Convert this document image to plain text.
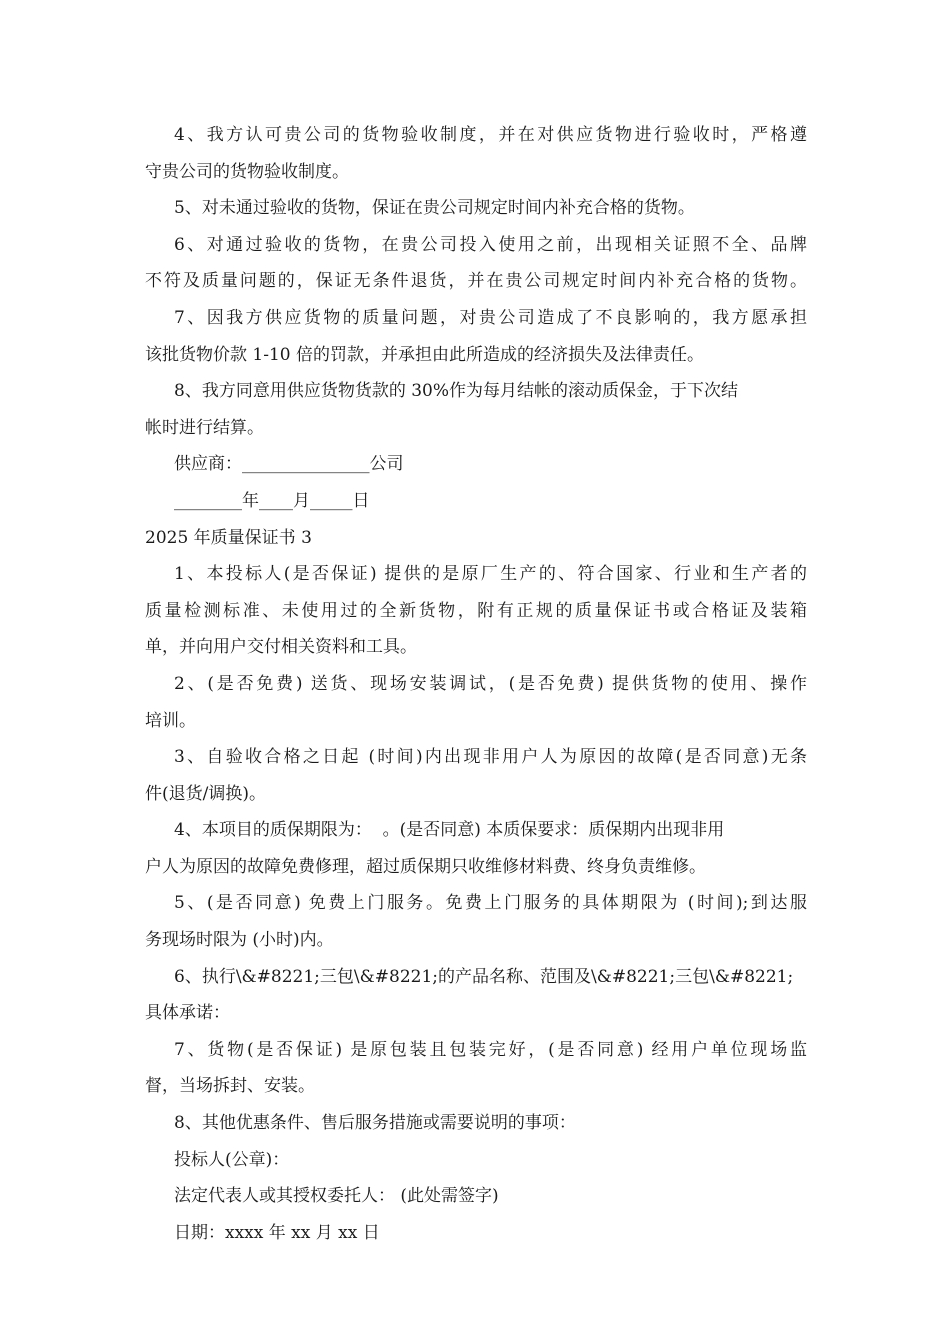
4、我方认可贵公司的货物验收制度，并在对供应货物进行验收时，严格遵
守贵公司的货物验收制度。
5、对未通过验收的货物，保证在贵公司规定时间内补充合格的货物。
6、对通过验收的货物，在贵公司投入使用之前，出现相关证照不全、品牌
不符及质量问题的，保证无条件退货，并在贵公司规定时间内补充合格的货物。
7、因我方供应货物的质量问题，对贵公司造成了不良影响的，我方愿承担
该批货物价款 1-10 倍的罚款，并承担由此所造成的经济损失及法律责任。
8、我方同意用供应货物货款的 30%作为每月结帐的滚动质保金，于下次结
帐时进行结算。
供应商：_______________公司
________年____月_____日
2025 年质量保证书 3
1、本投标人(是否保证) 提供的是原厂生产的、符合国家、行业和生产者的
质量检测标准、未使用过的全新货物，附有正规的质量保证书或合格证及装箱
单，并向用户交付相关资料和工具。
2、(是否免费) 送货、现场安装调试，(是否免费) 提供货物的使用、操作
培训。
3、自验收合格之日起 (时间)内出现非用户人为原因的故障(是否同意)无条
件(退货/调换)。
4、本项目的质保期限为：  。(是否同意) 本质保要求：质保期内出现非用
户人为原因的故障免费修理，超过质保期只收维修材料费、终身负责维修。
5、(是否同意) 免费上门服务。免费上门服务的具体期限为 (时间);到达服
务现场时限为 (小时)内。
6、执行\&#8221;三包\&#8221;的产品名称、范围及\&#8221;三包\&#8221;
具体承诺：
7、货物(是否保证) 是原包装且包装完好，(是否同意) 经用户单位现场监
督，当场拆封、安装。
8、其他优惠条件、售后服务措施或需要说明的事项：
投标人(公章)：
法定代表人或其授权委托人： (此处需签字)
日期：xxxx 年 xx 月 xx 日
